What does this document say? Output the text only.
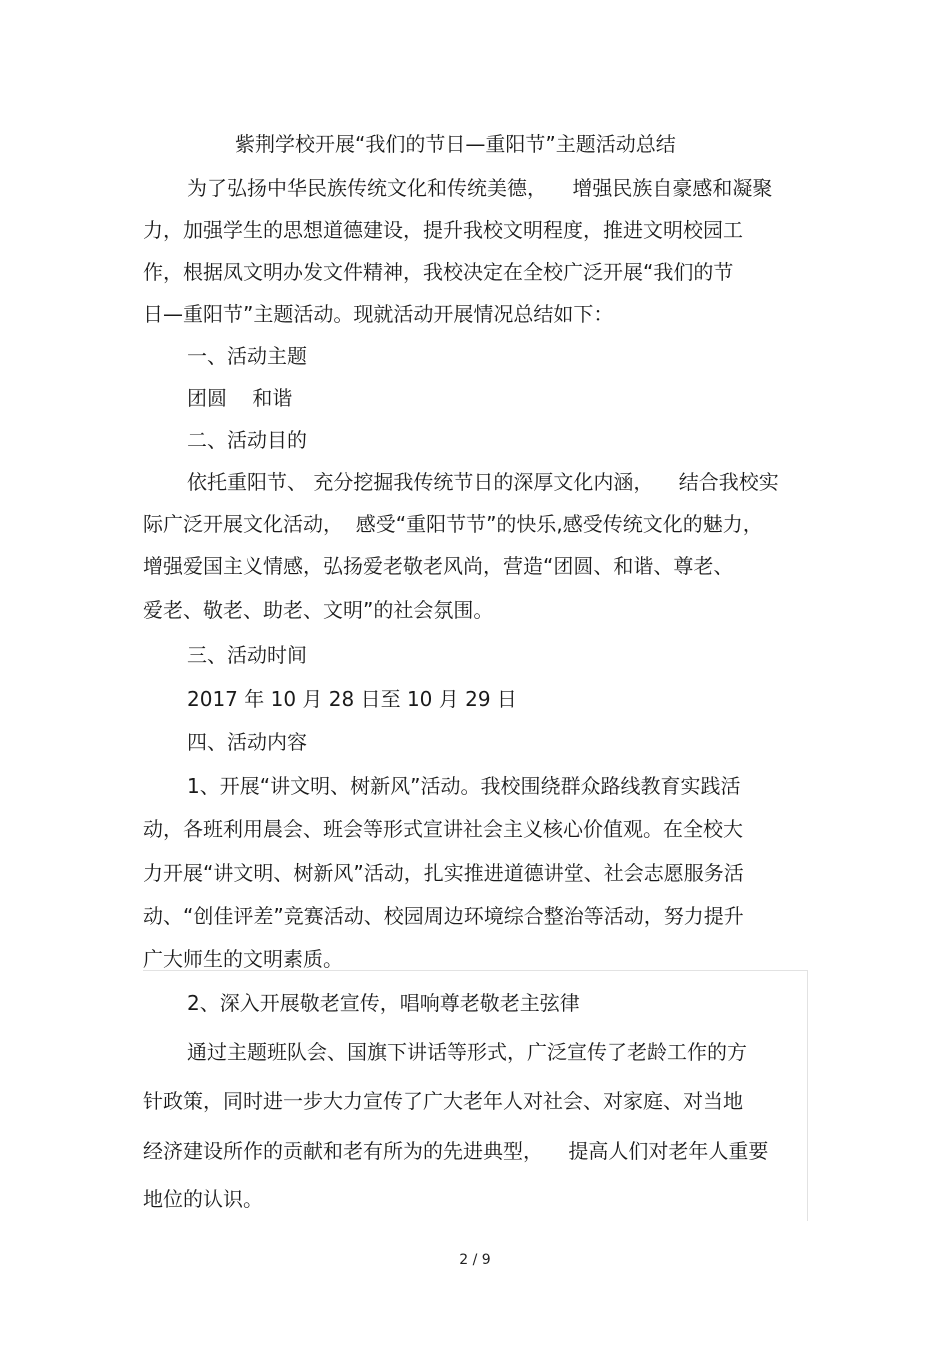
紫荆学校开展“我们的节日—重阳节”主题活动总结
为了弘扬中华民族传统文化和传统美德，    增强民族自豪感和凝聚
力，加强学生的思想道德建设，提升我校文明程度，推进文明校园工
作，根据凤文明办发文件精神，我校决定在全校广泛开展“我们的节
日—重阳节”主题活动。现就活动开展情况总结如下：
一、活动主题
团圆    和谐
二、活动目的
依托重阳节、 充分挖掘我传统节日的深厚文化内涵，    结合我校实
际广泛开展文化活动，  感受“重阳节节”的快乐,感受传统文化的魅力，
增强爱国主义情感，弘扬爱老敬老风尚，营造“团圆、和谐、尊老、
爱老、敬老、助老、文明”的社会氛围。
三、活动时间
2017 年 10 月 28 日至 10 月 29 日
四、活动内容
1、开展“讲文明、树新风”活动。我校围绕群众路线教育实践活
动，各班利用晨会、班会等形式宣讲社会主义核心价值观。在全校大
力开展“讲文明、树新风”活动，扎实推进道德讲堂、社会志愿服务活
动、“创佳评差”竞赛活动、校园周边环境综合整治等活动，努力提升
广大师生的文明素质。
2、深入开展敬老宣传，唱响尊老敬老主弦律
通过主题班队会、国旗下讲话等形式，广泛宣传了老龄工作的方
针政策，同时进一步大力宣传了广大老年人对社会、对家庭、对当地
经济建设所作的贡献和老有所为的先进典型，    提高人们对老年人重要
地位的认识。
2 / 9
